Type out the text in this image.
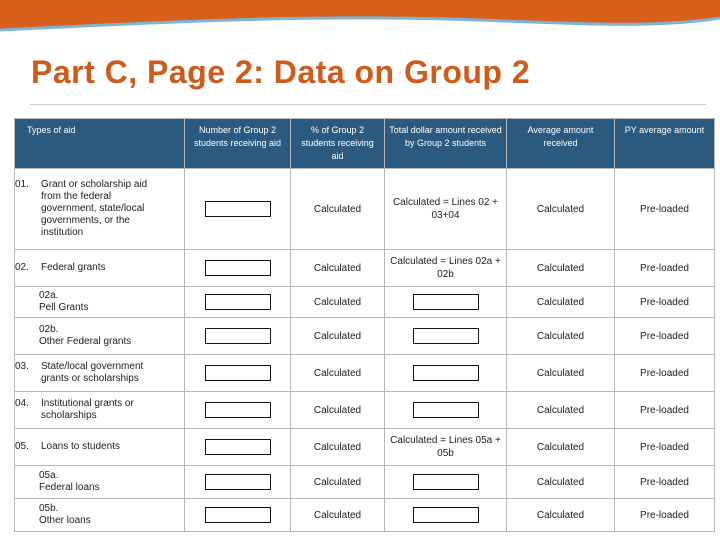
Part C, Page 2: Data on Group 2
Types of aid	Number of Group 2 students receiving aid	% of Group 2 students receiving aid	Total dollar amount received by Group 2 students	Average amount received	PY average amount

01. Grant or scholarship aid from the federal government, state/local governments, or the institution		Calculated	Calculated = Lines 02 + 03+04	Calculated	Pre-loaded
02. Federal grants		Calculated	Calculated = Lines 02a + 02b	Calculated	Pre-loaded
02a.Pell Grants		Calculated		Calculated	Pre-loaded
02b.Other Federal grants		Calculated		Calculated	Pre-loaded
03. State/local government grants or scholarships		Calculated		Calculated	Pre-loaded
04. Institutional grants or scholarships		Calculated		Calculated	Pre-loaded
05. Loans to students		Calculated	Calculated = Lines 05a + 05b	Calculated	Pre-loaded
05a.Federal loans		Calculated		Calculated	Pre-loaded
05b.Other loans		Calculated		Calculated	Pre-loaded
